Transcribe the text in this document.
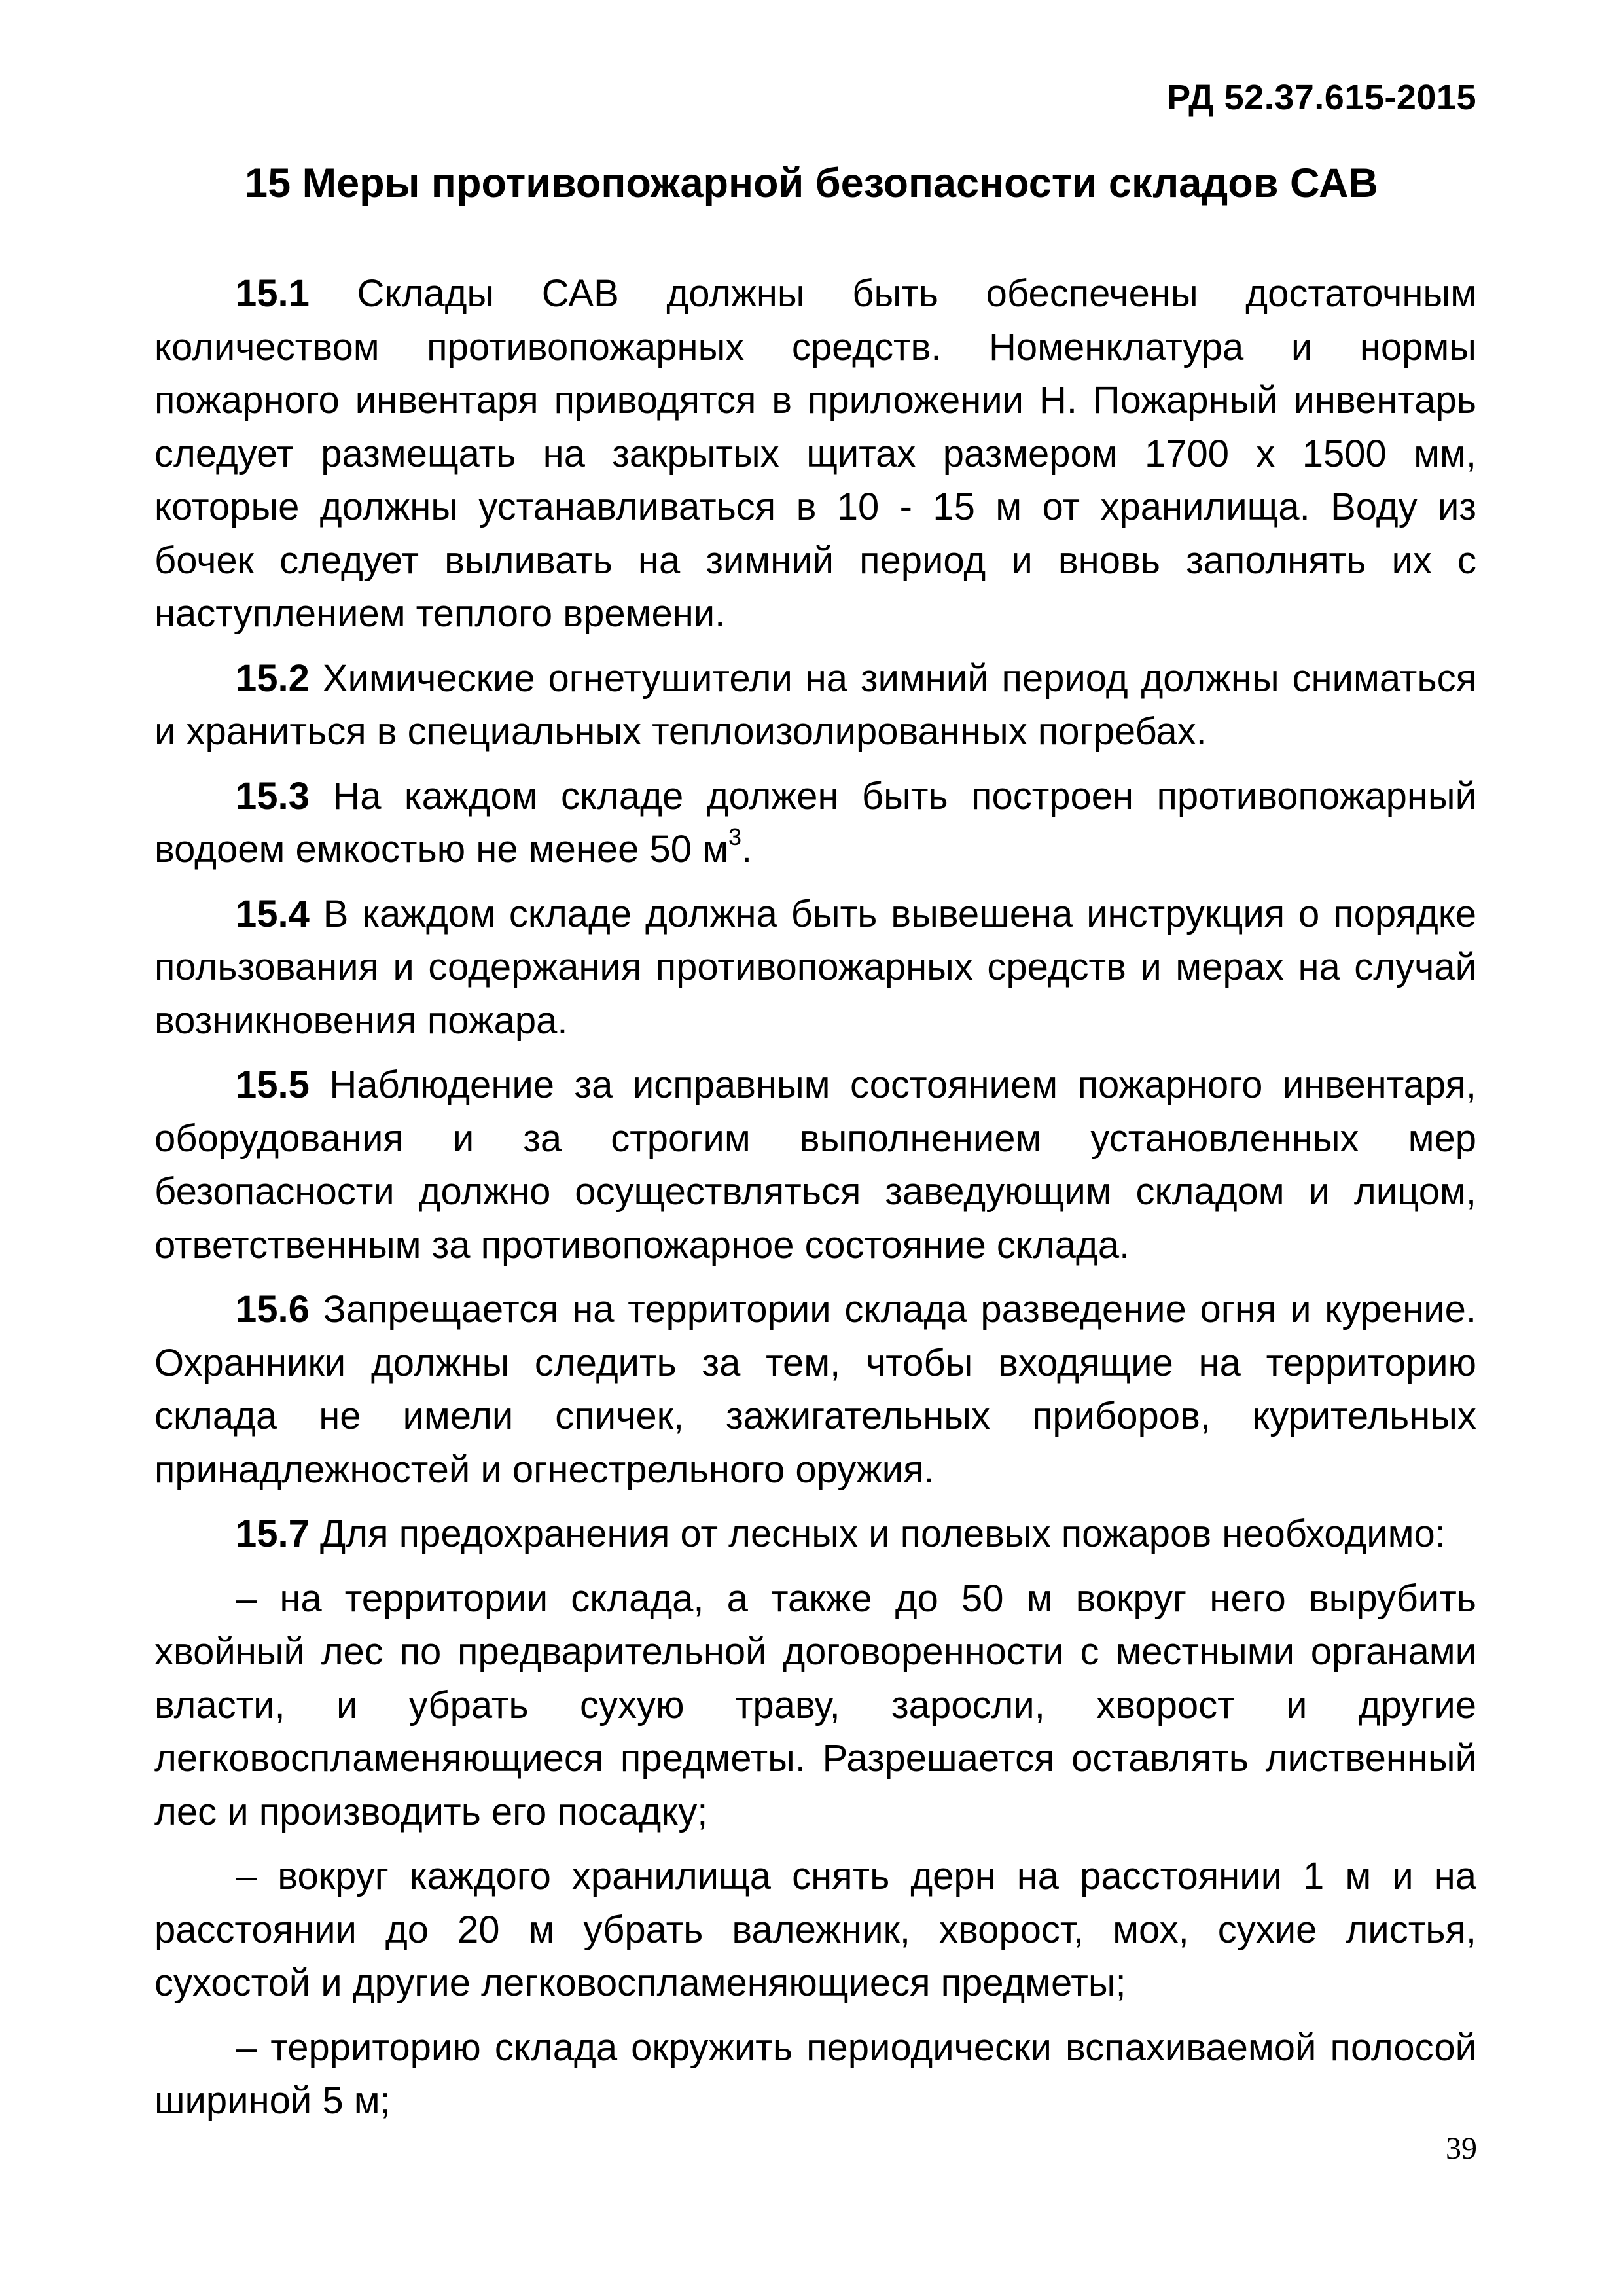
РД 52.37.615-2015
15 Меры противопожарной безопасности складов САВ

15.1 Склады САВ должны быть обеспечены достаточным количеством противопожарных средств. Номенклатура и нормы пожарного инвентаря приводятся в приложении Н. Пожарный инвентарь следует размещать на закрытых щитах размером 1700 х 1500 мм, которые должны устанавливаться в 10 - 15 м от хранилища. Воду из бочек следует выливать на зимний период и вновь заполнять их с наступлением теплого времени.

15.2 Химические огнетушители на зимний период должны сниматься и храниться в специальных теплоизолированных погребах.

15.3 На каждом складе должен быть построен противопожарный водоем емкостью не менее 50 $м^3$.

15.4 В каждом складе должна быть вывешена инструкция о порядке пользования и содержания противопожарных средств и мерах на случай возникновения пожара.

15.5 Наблюдение за исправным состоянием пожарного инвентаря, оборудования и за строгим выполнением установленных мер безопасности должно осуществляться заведующим складом и лицом, ответственным за противопожарное состояние склада.

15.6 Запрещается на территории склада разведение огня и курение. Охранники должны следить за тем, чтобы входящие на территорию склада не имели спичек, зажигательных приборов, курительных принадлежностей и огнестрельного оружия.

15.7 Для предохранения от лесных и полевых пожаров необходимо:

– на территории склада, а также до 50 м вокруг него вырубить хвойный лес по предварительной договоренности с местными органами власти, и убрать сухую траву, заросли, хворост и другие легковоспламеняющиеся предметы. Разрешается оставлять лиственный лес и производить его посадку;

– вокруг каждого хранилища снять дерн на расстоянии 1 м и на расстоянии до 20 м убрать валежник, хворост, мох, сухие листья, сухостой и другие легковоспламеняющиеся предметы;

– территорию склада окружить периодически вспахиваемой полосой шириной 5 м;

39
